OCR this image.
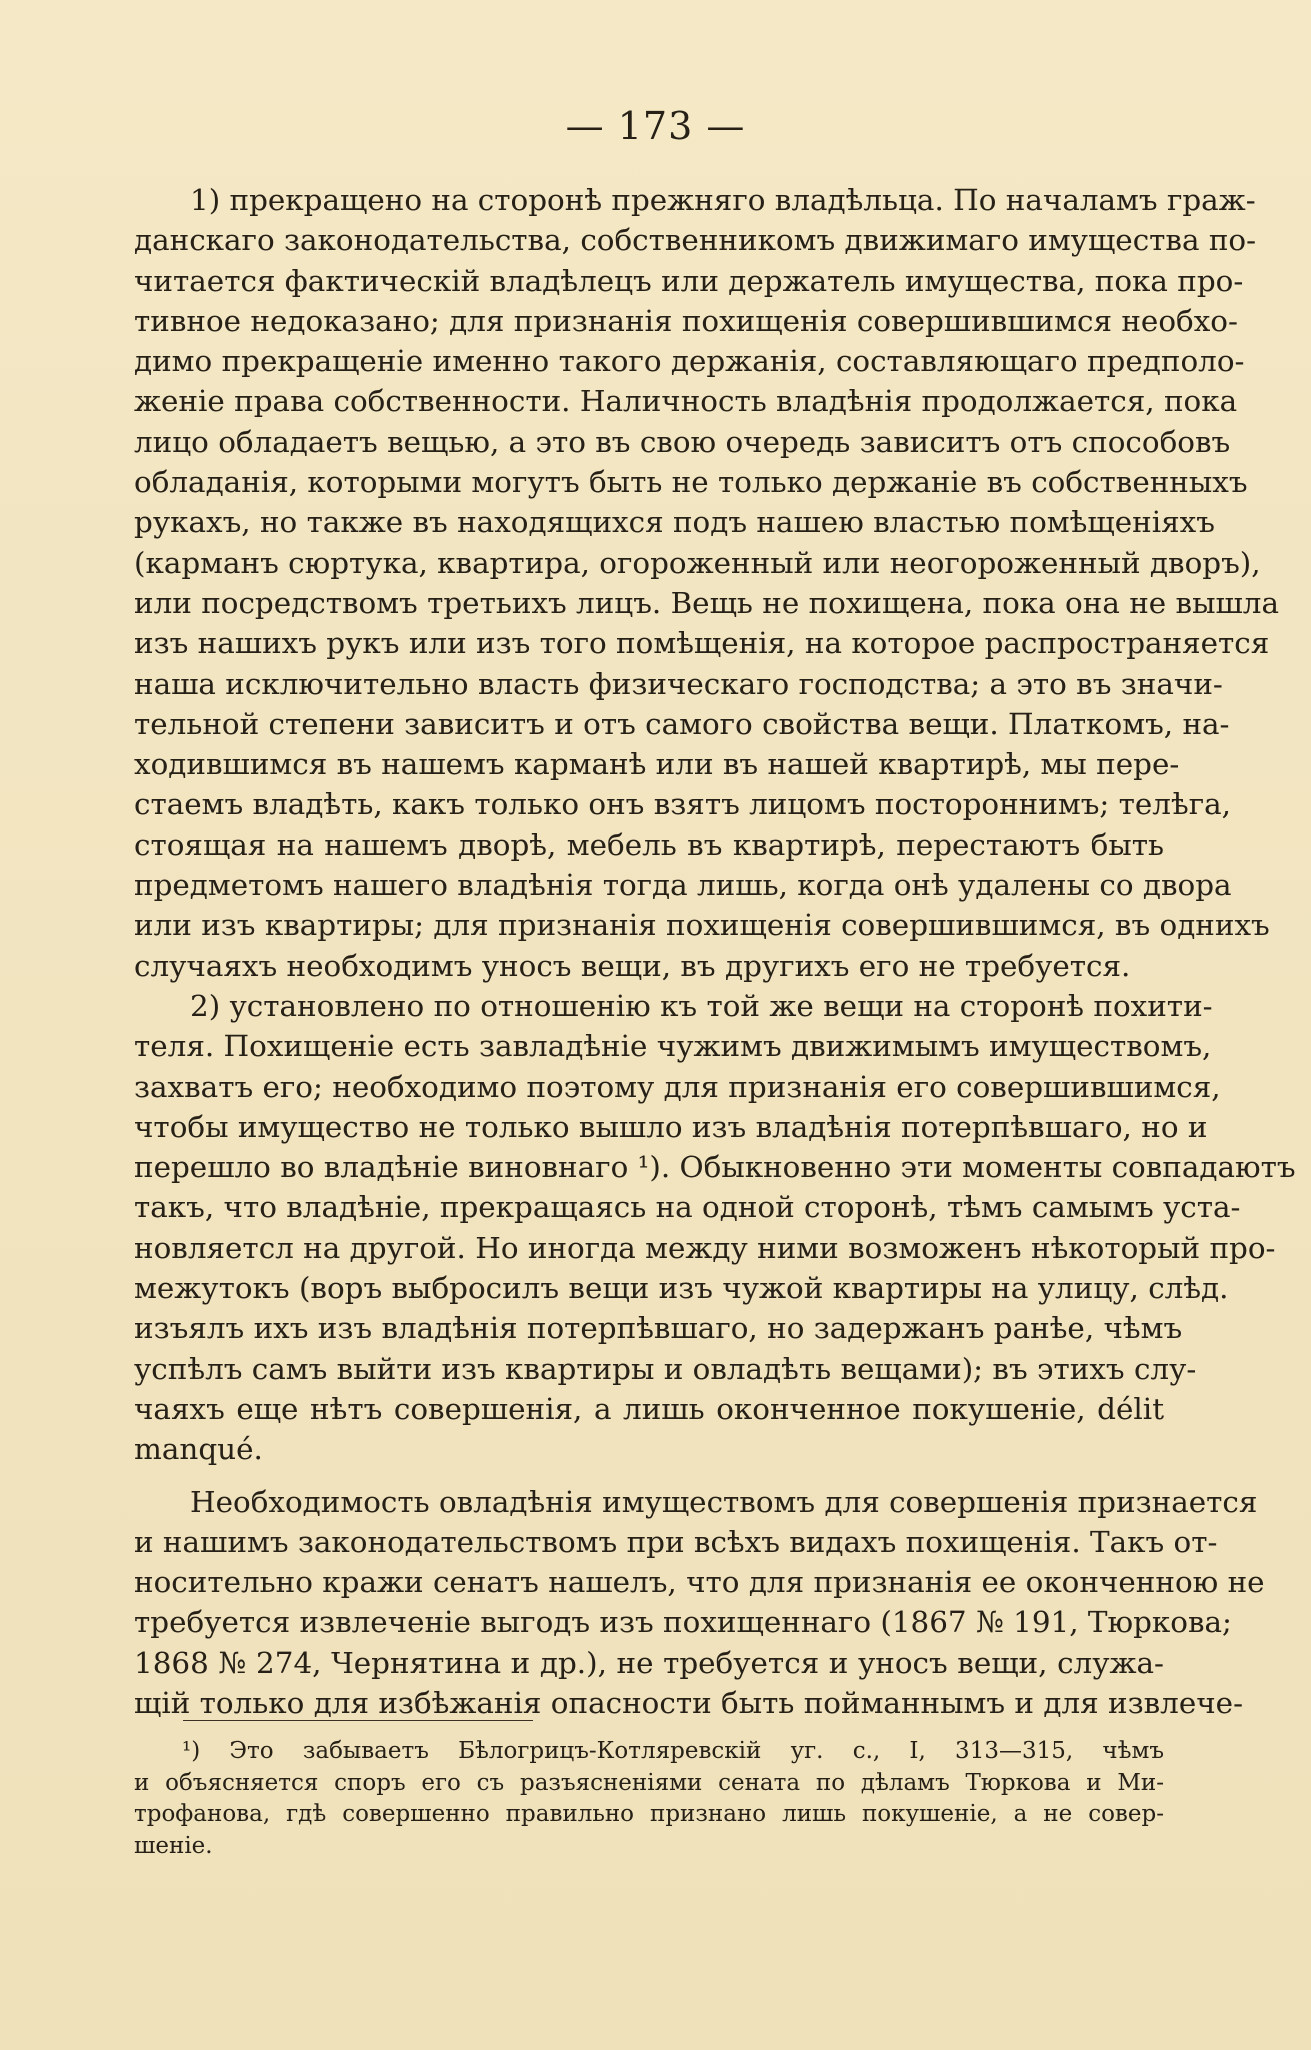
— 173 —
1) прекращено на сторонѣ прежняго владѣльца. По началамъ граж-
данскаго законодательства, собственникомъ движимаго имущества по-
читается фактическій владѣлецъ или держатель имущества, пока про-
тивное недоказано; для признанія похищенія совершившимся необхо-
димо прекращеніе именно такого держанія, составляющаго предполо-
женіе права собственности. Наличность владѣнія продолжается, пока
лицо обладаетъ вещью, а это въ свою очередь зависитъ отъ способовъ
обладанія, которыми могутъ быть не только держаніе въ собственныхъ
рукахъ, но также въ находящихся подъ нашею властью помѣщеніяхъ
(карманъ сюртука, квартира, огороженный или неогороженный дворъ),
или посредствомъ третьихъ лицъ. Вещь не похищена, пока она не вышла
изъ нашихъ рукъ или изъ того помѣщенія, на которое распространяется
наша исключительно власть физическаго господства; а это въ значи-
тельной степени зависитъ и отъ самого свойства вещи. Платкомъ, на-
ходившимся въ нашемъ карманѣ или въ нашей квартирѣ, мы пере-
стаемъ владѣть, какъ только онъ взятъ лицомъ постороннимъ; телѣга,
стоящая на нашемъ дворѣ, мебель въ квартирѣ, перестаютъ быть
предметомъ нашего владѣнія тогда лишь, когда онѣ удалены со двора
или изъ квартиры; для признанія похищенія совершившимся, въ однихъ
случаяхъ необходимъ уносъ вещи, въ другихъ его не требуется.
2) установлено по отношенію къ той же вещи на сторонѣ похити-
теля. Похищеніе есть завладѣніе чужимъ движимымъ имуществомъ,
захватъ его; необходимо поэтому для признанія его совершившимся,
чтобы имущество не только вышло изъ владѣнія потерпѣвшаго, но и
перешло во владѣніе виновнаго ¹). Обыкновенно эти моменты совпадаютъ
такъ, что владѣніе, прекращаясь на одной сторонѣ, тѣмъ самымъ уста-
новляетсл на другой. Но иногда между ними возможенъ нѣкоторый про-
межутокъ (воръ выбросилъ вещи изъ чужой квартиры на улицу, слѣд.
изъялъ ихъ изъ владѣнія потерпѣвшаго, но задержанъ ранѣе, чѣмъ
успѣлъ самъ выйти изъ квартиры и овладѣть вещами); въ этихъ слу-
чаяхъ еще нѣтъ совершенія, а лишь оконченное покушеніе, délit
manqué.
Необходимость овладѣнія имуществомъ для совершенія признается
и нашимъ законодательствомъ при всѣхъ видахъ похищенія. Такъ от-
носительно кражи сенатъ нашелъ, что для признанія ее оконченною не
требуется извлеченіе выгодъ изъ похищеннаго (1867 № 191, Тюркова;
1868 № 274, Чернятина и др.), не требуется и уносъ вещи, служа-
щій только для избѣжанія опасности быть пойманнымъ и для извлече-
¹) Это забываетъ Бѣлогрицъ-Котляревскій уг. с., I, 313—315, чѣмъ
и объясняется споръ его съ разъясненіями сената по дѣламъ Тюркова и Ми-
трофанова, гдѣ совершенно правильно признано лишь покушеніе, а не совер-
шеніе.
